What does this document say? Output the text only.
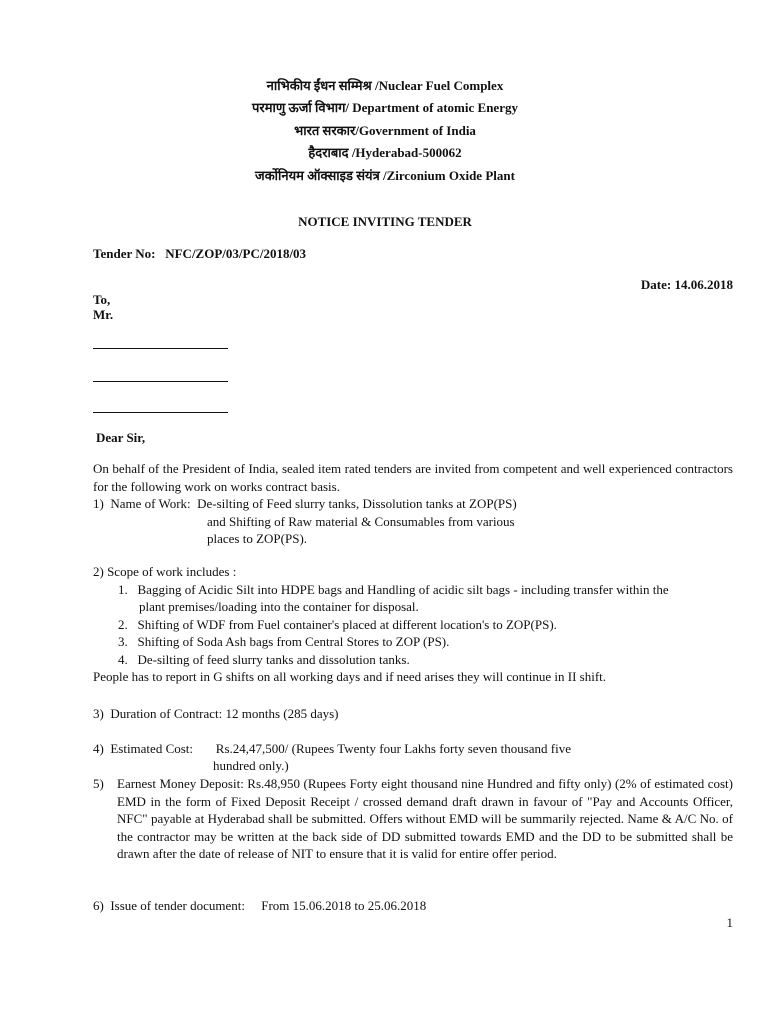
नाभिकीय ईंधन सम्मिश्र /Nuclear Fuel Complex
परमाणु ऊर्जा विभाग/ Department of atomic Energy
भारत सरकार/Government of India
हैदराबाद /Hyderabad-500062
जर्कोनियम ऑक्साइड संयंत्र /Zirconium Oxide Plant
NOTICE INVITING TENDER
Tender No:   NFC/ZOP/03/PC/2018/03
Date: 14.06.2018
To,
Mr.
Dear Sir,
On behalf of the President of India, sealed item rated tenders are invited from competent and well experienced contractors for the following work on works contract basis.
1)  Name of Work:  De-silting of Feed slurry tanks, Dissolution tanks at ZOP(PS)
and Shifting of Raw material & Consumables from various
places to ZOP(PS).
2) Scope of work includes :
1.   Bagging of Acidic Silt into HDPE bags and Handling of acidic silt bags - including transfer within the
plant premises/loading into the container for disposal.
2.   Shifting of WDF from Fuel container's placed at different location's to ZOP(PS).
3.   Shifting of Soda Ash bags from Central Stores to ZOP (PS).
4.   De-silting of feed slurry tanks and dissolution tanks.
People has to report in G shifts on all working days and if need arises they will continue in II shift.
3)  Duration of Contract: 12 months (285 days)
4)  Estimated Cost:       Rs.24,47,500/ (Rupees Twenty four Lakhs forty seven thousand five
hundred only.)
5) Earnest Money Deposit: Rs.48,950 (Rupees Forty eight thousand nine Hundred and fifty only) (2% of estimated cost) EMD in the form of Fixed Deposit Receipt / crossed demand draft drawn in favour of "Pay and Accounts Officer, NFC" payable at Hyderabad shall be submitted. Offers without EMD will be summarily rejected. Name & A/C No. of the contractor may be written at the back side of DD submitted towards EMD and the DD to be submitted shall be drawn after the date of release of NIT to ensure that it is valid for entire offer period.
6)  Issue of tender document:     From 15.06.2018 to 25.06.2018
1
